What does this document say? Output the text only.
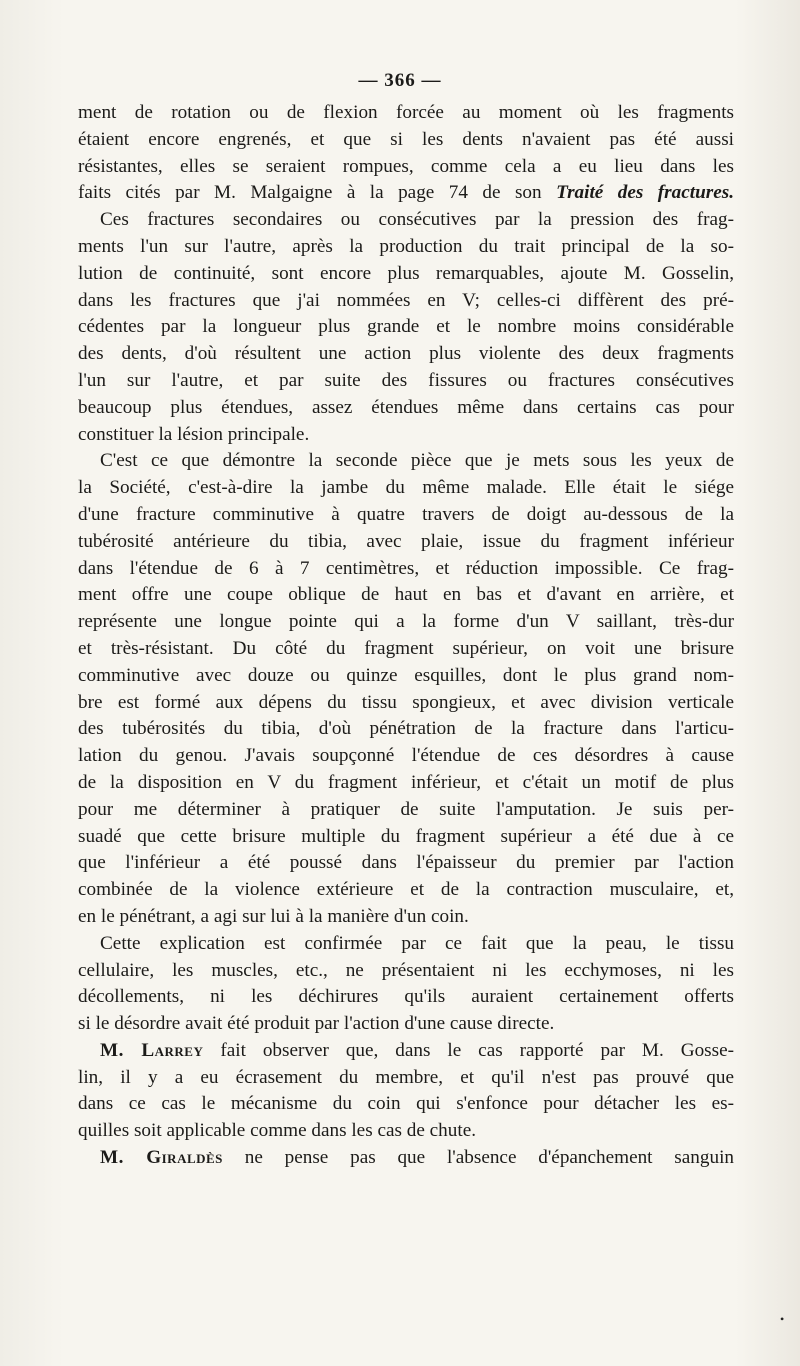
— 366 —
ment de rotation ou de flexion forcée au moment où les fragments
étaient encore engrenés, et que si les dents n'avaient pas été aussi
résistantes, elles se seraient rompues, comme cela a eu lieu dans les
faits cités par M. Malgaigne à la page 74 de son Traité des fractures.
Ces fractures secondaires ou consécutives par la pression des frag-
ments l'un sur l'autre, après la production du trait principal de la so-
lution de continuité, sont encore plus remarquables, ajoute M. Gosselin,
dans les fractures que j'ai nommées en V; celles-ci diffèrent des pré-
cédentes par la longueur plus grande et le nombre moins considérable
des dents, d'où résultent une action plus violente des deux fragments
l'un sur l'autre, et par suite des fissures ou fractures consécutives
beaucoup plus étendues, assez étendues même dans certains cas pour
constituer la lésion principale.
C'est ce que démontre la seconde pièce que je mets sous les yeux de
la Société, c'est-à-dire la jambe du même malade. Elle était le siége
d'une fracture comminutive à quatre travers de doigt au-dessous de la
tubérosité antérieure du tibia, avec plaie, issue du fragment inférieur
dans l'étendue de 6 à 7 centimètres, et réduction impossible. Ce frag-
ment offre une coupe oblique de haut en bas et d'avant en arrière, et
représente une longue pointe qui a la forme d'un V saillant, très-dur
et très-résistant. Du côté du fragment supérieur, on voit une brisure
comminutive avec douze ou quinze esquilles, dont le plus grand nom-
bre est formé aux dépens du tissu spongieux, et avec division verticale
des tubérosités du tibia, d'où pénétration de la fracture dans l'articu-
lation du genou. J'avais soupçonné l'étendue de ces désordres à cause
de la disposition en V du fragment inférieur, et c'était un motif de plus
pour me déterminer à pratiquer de suite l'amputation. Je suis per-
suadé que cette brisure multiple du fragment supérieur a été due à ce
que l'inférieur a été poussé dans l'épaisseur du premier par l'action
combinée de la violence extérieure et de la contraction musculaire, et,
en le pénétrant, a agi sur lui à la manière d'un coin.
Cette explication est confirmée par ce fait que la peau, le tissu
cellulaire, les muscles, etc., ne présentaient ni les ecchymoses, ni les
décollements, ni les déchirures qu'ils auraient certainement offerts
si le désordre avait été produit par l'action d'une cause directe.
M. Larrey fait observer que, dans le cas rapporté par M. Gosse-
lin, il y a eu écrasement du membre, et qu'il n'est pas prouvé que
dans ce cas le mécanisme du coin qui s'enfonce pour détacher les es-
quilles soit applicable comme dans les cas de chute.
M. Giraldès ne pense pas que l'absence d'épanchement sanguin
•
